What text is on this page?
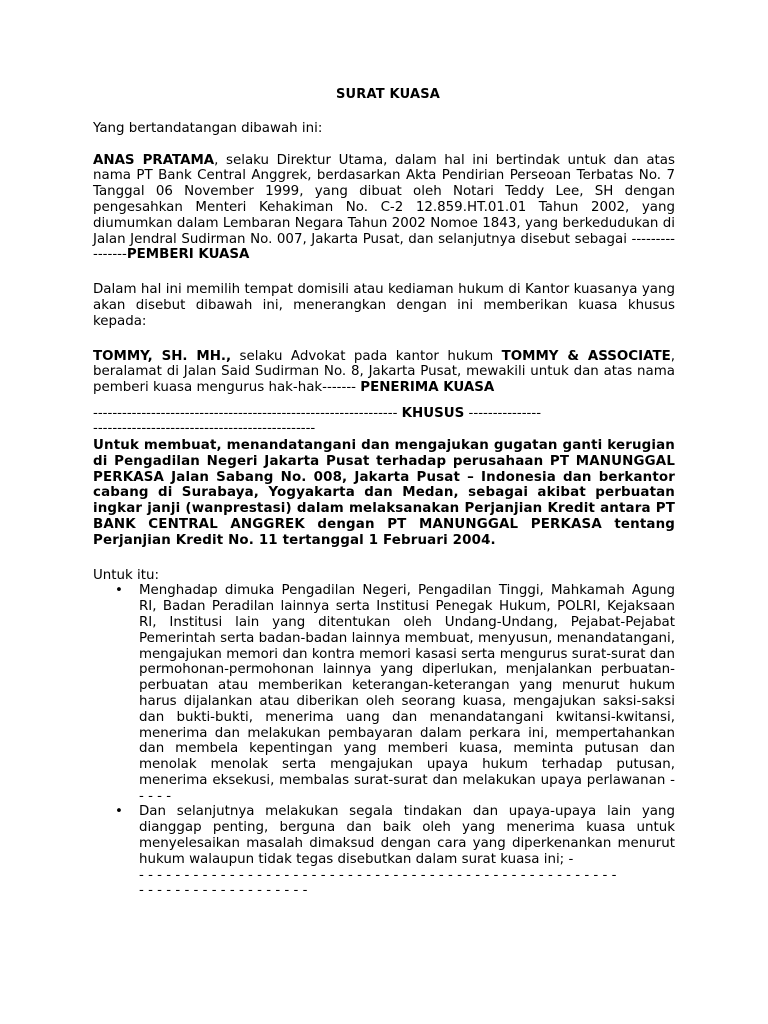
SURAT KUASA

Yang bertandatangan dibawah ini:

ANAS PRATAMA, selaku Direktur Utama, dalam hal ini bertindak untuk dan atas nama PT Bank Central Anggrek, berdasarkan Akta Pendirian Perseoan Terbatas No. 7 Tanggal 06 November 1999, yang dibuat oleh Notari Teddy Lee, SH dengan pengesahkan Menteri Kehakiman No. C-2 12.859.HT.01.01 Tahun 2002, yang diumumkan dalam Lembaran Negara Tahun 2002 Nomoe 1843, yang berkedudukan di Jalan Jendral Sudirman No. 007, Jakarta Pusat, dan selanjutnya disebut sebagai ----------------PEMBERI KUASA

Dalam hal ini memilih tempat domisili atau kediaman hukum di Kantor kuasanya yang akan disebut dibawah ini, menerangkan dengan ini memberikan kuasa khusus kepada:

TOMMY, SH. MH., selaku Advokat pada kantor hukum TOMMY & ASSOCIATE, beralamat di Jalan Said Sudirman No. 8, Jakarta Pusat, mewakili untuk dan atas nama pemberi kuasa mengurus hak-hak------- PENERIMA KUASA

--------------------------------------------------------------- KHUSUS ---------------

----------------------------------------------

Untuk membuat, menandatangani dan mengajukan gugatan ganti kerugian di Pengadilan Negeri Jakarta Pusat terhadap perusahaan PT MANUNGGAL PERKASA Jalan Sabang No. 008, Jakarta Pusat – Indonesia dan berkantor cabang di Surabaya, Yogyakarta dan Medan, sebagai akibat perbuatan ingkar janji (wanprestasi) dalam melaksanakan Perjanjian Kredit antara PT BANK CENTRAL ANGGREK dengan PT MANUNGGAL PERKASA tentang Perjanjian Kredit No. 11 tertanggal 1 Februari 2004.

Untuk itu:

• Menghadap dimuka Pengadilan Negeri, Pengadilan Tinggi, Mahkamah Agung RI, Badan Peradilan lainnya serta Institusi Penegak Hukum, POLRI, Kejaksaan RI, Institusi lain yang ditentukan oleh Undang-Undang, Pejabat-Pejabat Pemerintah serta badan-badan lainnya membuat, menyusun, menandatangani, mengajukan memori dan kontra memori kasasi serta mengurus surat-surat dan permohonan-permohonan lainnya yang diperlukan, menjalankan perbuatan-perbuatan atau memberikan keterangan-keterangan yang menurut hukum harus dijalankan atau diberikan oleh seorang kuasa, mengajukan saksi-saksi dan bukti-bukti, menerima uang dan menandatangani kwitansi-kwitansi, menerima dan melakukan pembayaran dalam perkara ini, mempertahankan dan membela kepentingan yang memberi kuasa, meminta putusan dan menolak menolak serta mengajukan upaya hukum terhadap putusan, menerima eksekusi, membalas surat-surat dan melakukan upaya perlawanan - - - - -

• Dan selanjutnya melakukan segala tindakan dan upaya-upaya lain yang dianggap penting, berguna dan baik oleh yang menerima kuasa untuk menyelesaikan masalah dimaksud dengan cara yang diperkenankan menurut hukum walaupun tidak tegas disebutkan dalam surat kuasa ini; -

- - - - - - - - - - - - - - - - - - - - - - - - - - - - - - - - - - - - - - - - - - - - - - - - - - - - -

- - - - - - - - - - - - - - - - - - -
